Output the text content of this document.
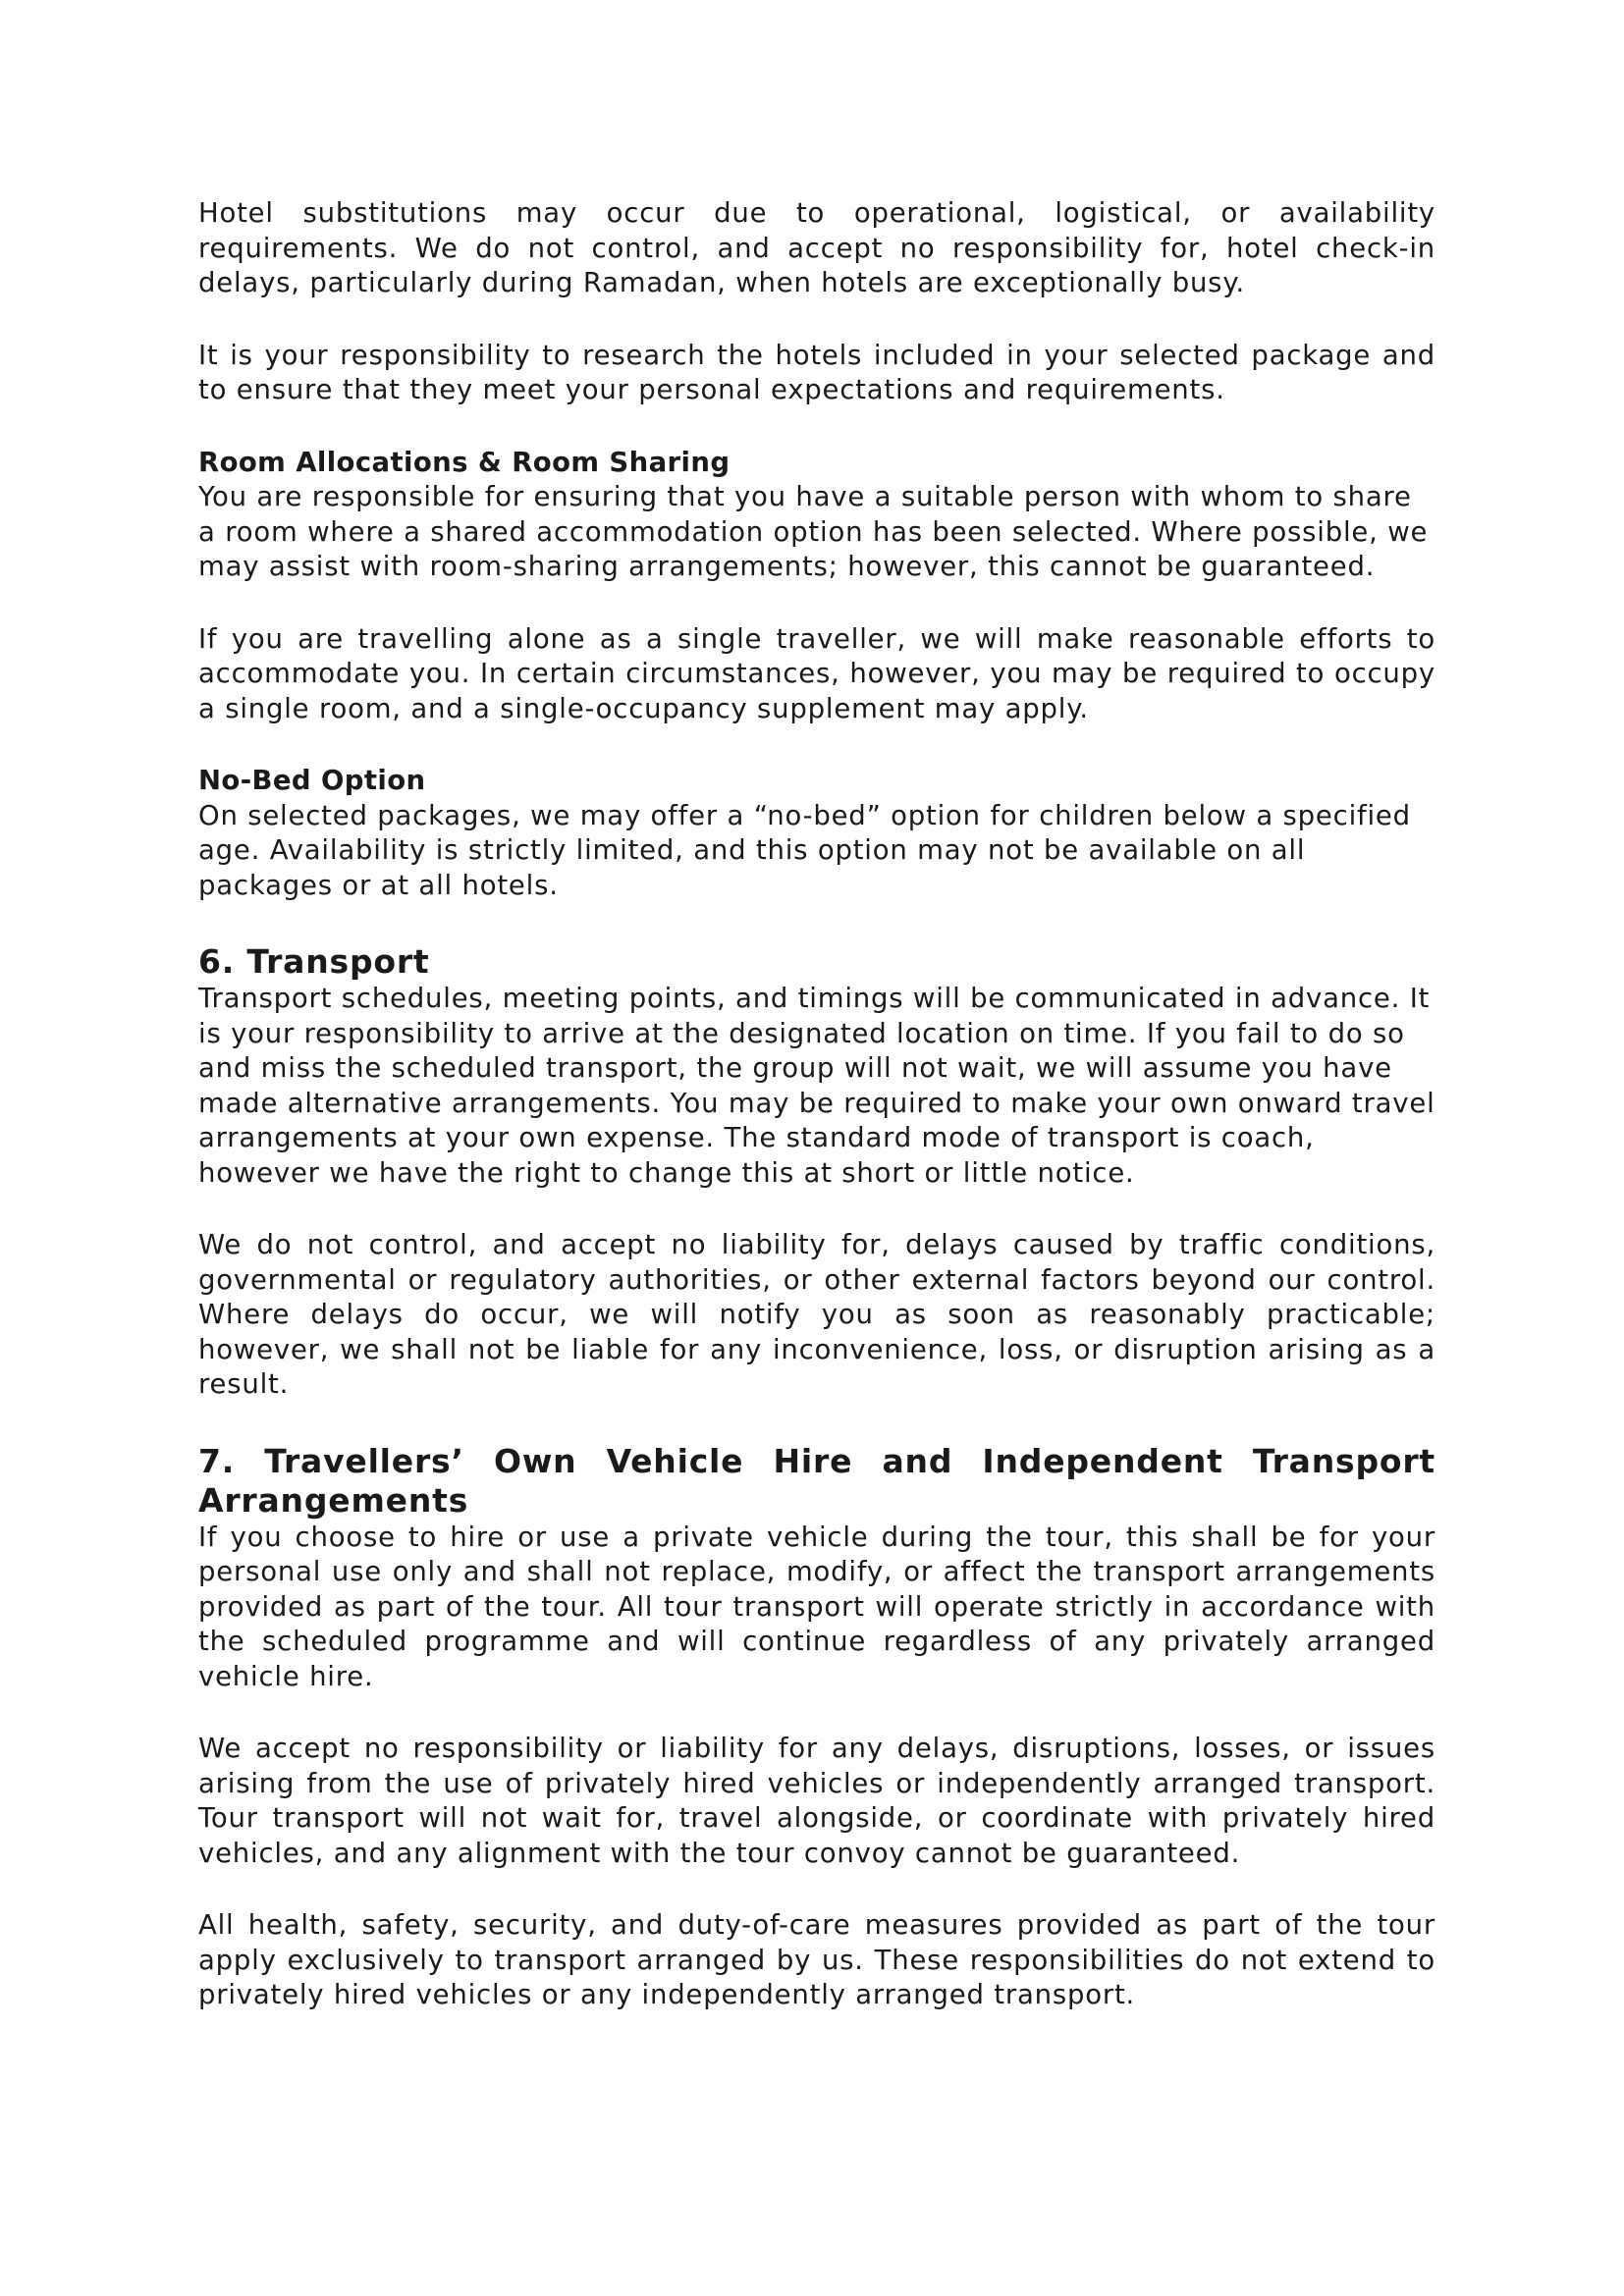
Hotel substitutions may occur due to operational, logistical, or availability requirements. We do not control, and accept no responsibility for, hotel check-in delays, particularly during Ramadan, when hotels are exceptionally busy.

It is your responsibility to research the hotels included in your selected package and to ensure that they meet your personal expectations and requirements.

Room Allocations & Room Sharing

You are responsible for ensuring that you have a suitable person with whom to share a room where a shared accommodation option has been selected. Where possible, we may assist with room-sharing arrangements; however, this cannot be guaranteed.

If you are travelling alone as a single traveller, we will make reasonable efforts to accommodate you. In certain circumstances, however, you may be required to occupy a single room, and a single-occupancy supplement may apply.

No-Bed Option

On selected packages, we may offer a “no-bed” option for children below a specified age. Availability is strictly limited, and this option may not be available on all packages or at all hotels.

6. Transport

Transport schedules, meeting points, and timings will be communicated in advance. It is your responsibility to arrive at the designated location on time. If you fail to do so and miss the scheduled transport, the group will not wait, we will assume you have made alternative arrangements. You may be required to make your own onward travel arrangements at your own expense. The standard mode of transport is coach, however we have the right to change this at short or little notice.

We do not control, and accept no liability for, delays caused by traffic conditions, governmental or regulatory authorities, or other external factors beyond our control. Where delays do occur, we will notify you as soon as reasonably practicable; however, we shall not be liable for any inconvenience, loss, or disruption arising as a result.

7. Travellers’ Own Vehicle Hire and Independent Transport Arrangements

If you choose to hire or use a private vehicle during the tour, this shall be for your personal use only and shall not replace, modify, or affect the transport arrangements provided as part of the tour. All tour transport will operate strictly in accordance with the scheduled programme and will continue regardless of any privately arranged vehicle hire.

We accept no responsibility or liability for any delays, disruptions, losses, or issues arising from the use of privately hired vehicles or independently arranged transport. Tour transport will not wait for, travel alongside, or coordinate with privately hired vehicles, and any alignment with the tour convoy cannot be guaranteed.

All health, safety, security, and duty-of-care measures provided as part of the tour apply exclusively to transport arranged by us. These responsibilities do not extend to privately hired vehicles or any independently arranged transport.
